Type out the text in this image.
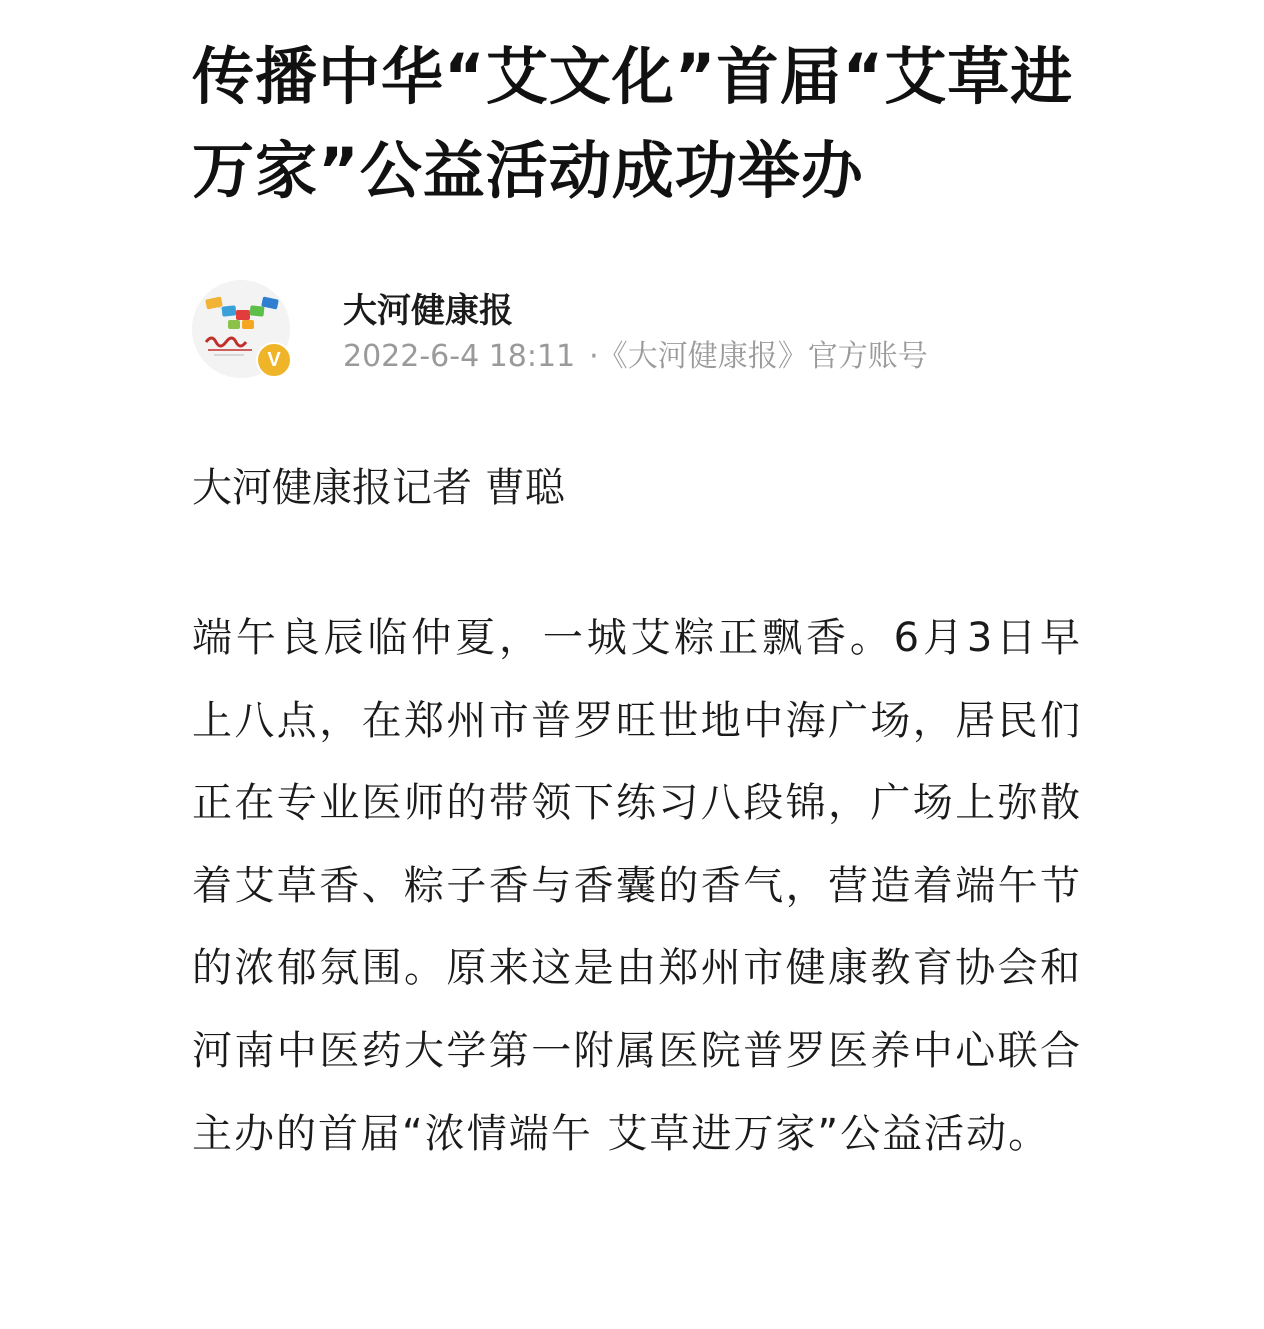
传播中华“艾文化”首届“艾草进万家”公益活动成功举办
V
大河健康报
2022-6-4 18:11 · 《大河健康报》官方账号

大河健康报记者 曹聪

端午良辰临仲夏，一城艾粽正飘香。6月3日早上八点，在郑州市普罗旺世地中海广场，居民们正在专业医师的带领下练习八段锦，广场上弥散着艾草香、粽子香与香囊的香气，营造着端午节的浓郁氛围。原来这是由郑州市健康教育协会和河南中医药大学第一附属医院普罗医养中心联合主办的首届“浓情端午 艾草进万家”公益活动。
